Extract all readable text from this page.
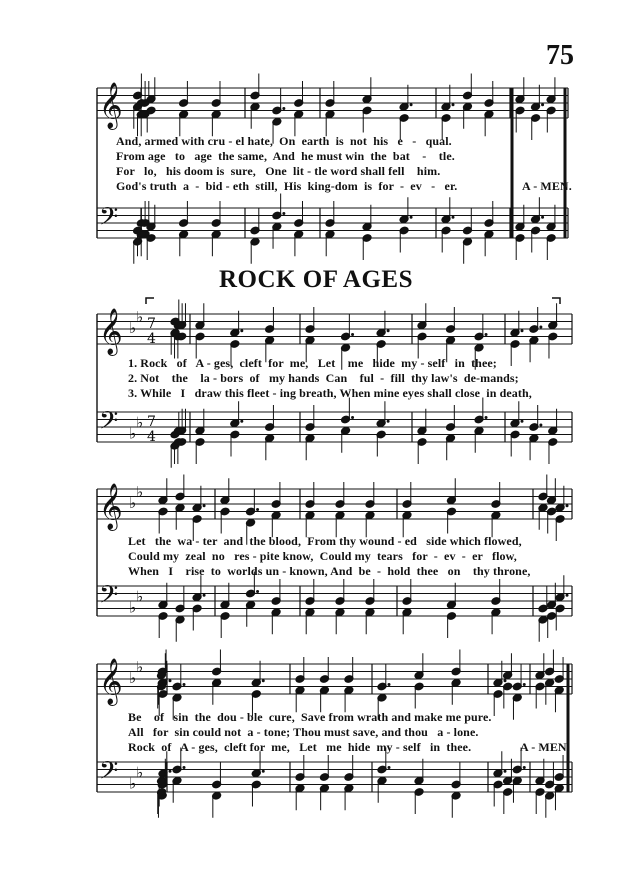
75
𝄞
𝄢
𝄞
𝄢
♭
♭
♭
♭
7
4
7
4
𝄞
𝄢
♭
♭
♭
♭
𝄞
𝄢
♭
♭
♭
♭
ROCK OF AGES
And, armed with cru - el hate,  On  earth  is  not  his   e   -   qual.
From age   to   age  the same,  And  he must win  the  bat    -    tle.
For   lo,   his doom is  sure,   One  lit - tle word shall fell    him.
God's truth  a  -  bid - eth  still,  His  king-dom  is  for  -  ev   -   er.	A - MEN.
1. Rock   of   A - ges,  cleft  for  me,   Let    me   hide  my - self   in  thee;
2. Not    the    la - bors  of   my hands  Can    ful  -  fill  thy law's  de-mands;
3. While   I   draw this fleet - ing breath, When mine eyes shall close  in death,
Let   the  wa - ter  and  the blood,  From thy wound - ed   side which flowed,
Could my  zeal  no   res - pite know,  Could my  tears   for  -  ev  -  er   flow,
When   I    rise  to  worlds un - known, And  be  -  hold  thee   on    thy throne,
Be    of   sin  the  dou - ble  cure,  Save from wrath and make me pure.
All   for  sin could not  a - tone; Thou must save, and thou   a - lone.
Rock  of   A - ges,  cleft for  me,   Let   me  hide  my - self   in  thee.	A - MEN.
